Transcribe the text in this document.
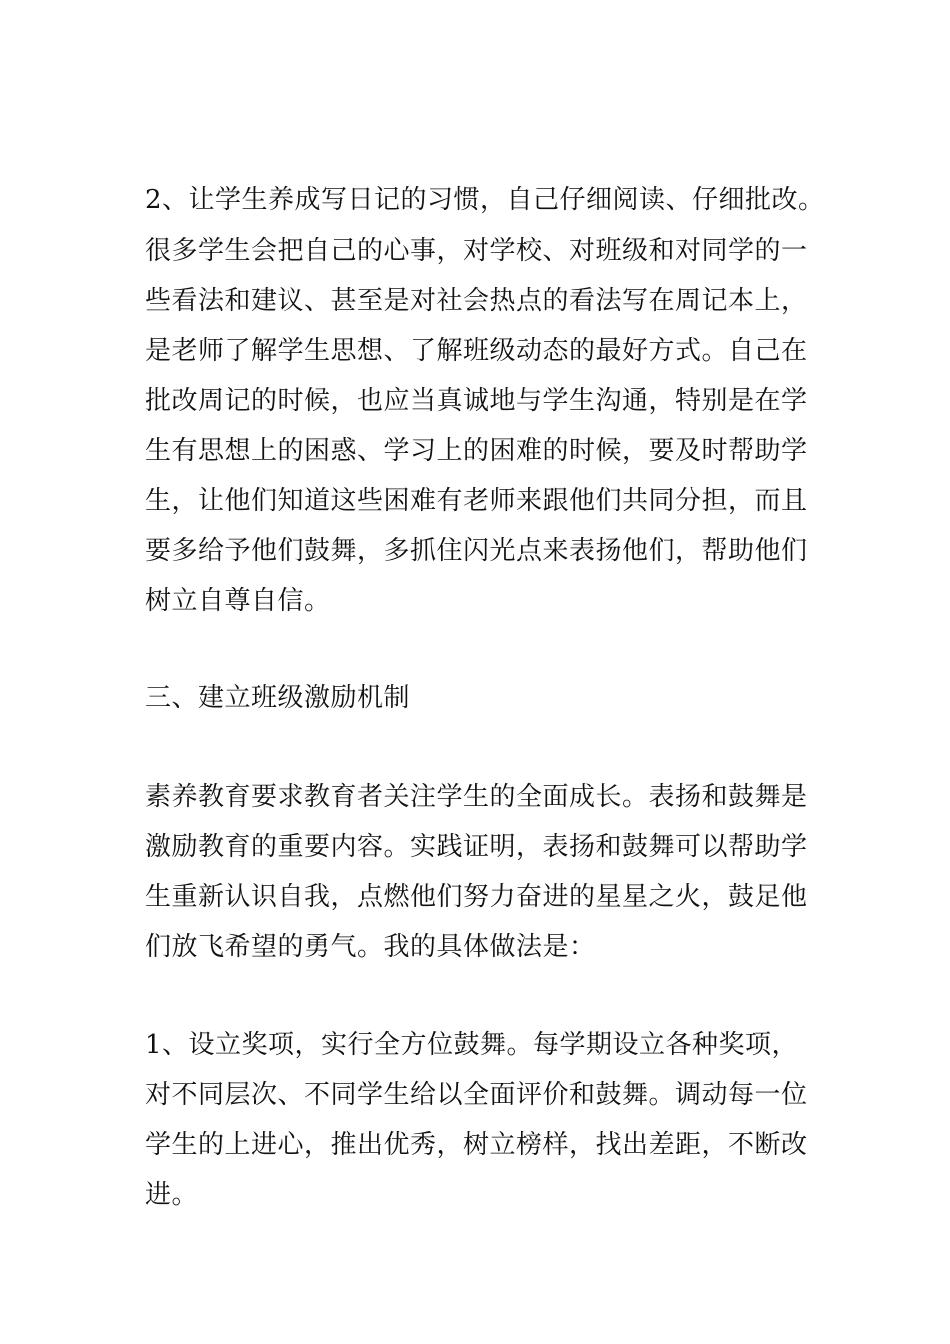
2、让学生养成写日记的习惯，自己仔细阅读、仔细批改。
很多学生会把自己的心事，对学校、对班级和对同学的一
些看法和建议、甚至是对社会热点的看法写在周记本上，
是老师了解学生思想、了解班级动态的最好方式。自己在
批改周记的时候，也应当真诚地与学生沟通，特别是在学
生有思想上的困惑、学习上的困难的时候，要及时帮助学
生，让他们知道这些困难有老师来跟他们共同分担，而且
要多给予他们鼓舞，多抓住闪光点来表扬他们，帮助他们
树立自尊自信。
三、建立班级激励机制
素养教育要求教育者关注学生的全面成长。表扬和鼓舞是
激励教育的重要内容。实践证明，表扬和鼓舞可以帮助学
生重新认识自我，点燃他们努力奋进的星星之火，鼓足他
们放飞希望的勇气。我的具体做法是：
1、设立奖项，实行全方位鼓舞。每学期设立各种奖项，
对不同层次、不同学生给以全面评价和鼓舞。调动每一位
学生的上进心，推出优秀，树立榜样，找出差距，不断改
进。
